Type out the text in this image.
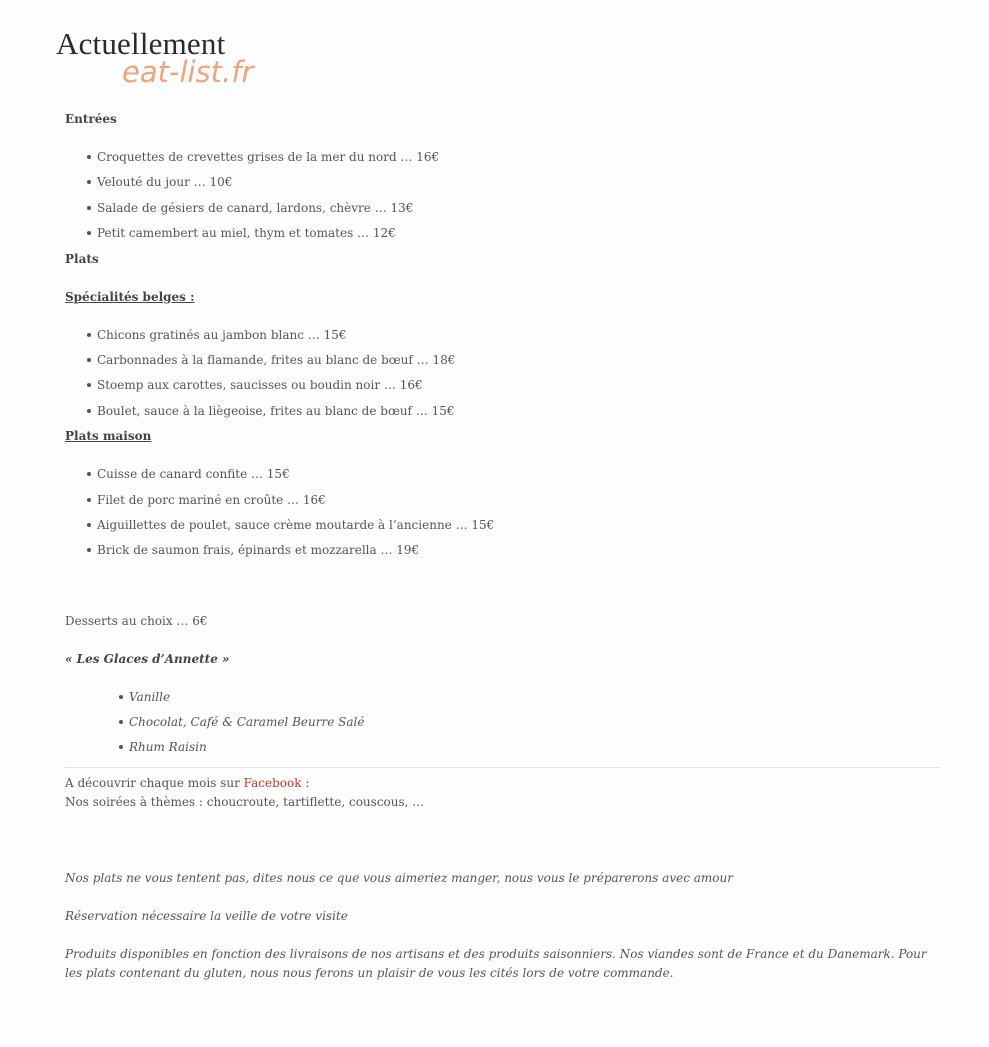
Actuellement
eat-list.fr

Entrées

Croquettes de crevettes grises de la mer du nord … 16€
Velouté du jour … 10€
Salade de gésiers de canard, lardons, chèvre … 13€
Petit camembert au miel, thym et tomates … 12€

Plats

Spécialités belges :

Chicons gratinés au jambon blanc … 15€
Carbonnades à la flamande, frites au blanc de bœuf … 18€
Stoemp aux carottes, saucisses ou boudin noir … 16€
Boulet, sauce à la liègeoise, frites au blanc de bœuf … 15€

Plats maison

Cuisse de canard confite … 15€
Filet de porc mariné en croûte … 16€
Aiguillettes de poulet, sauce crème moutarde à l’ancienne … 15€
Brick de saumon frais, épinards et mozzarella … 19€

Desserts au choix … 6€

« Les Glaces d’Annette »

Vanille
Chocolat, Café & Caramel Beurre Salé
Rhum Raisin

A découvrir chaque mois sur Facebook :

Nos soirées à thèmes : choucroute, tartiflette, couscous, …

Nos plats ne vous tentent pas, dites nous ce que vous aimeriez manger, nous vous le préparerons avec amour

Réservation nécessaire la veille de votre visite

Produits disponibles en fonction des livraisons de nos artisans et des produits saisonniers. Nos viandes sont de France et du Danemark. Pour les plats contenant du gluten, nous nous ferons un plaisir de vous les cités lors de votre commande.
